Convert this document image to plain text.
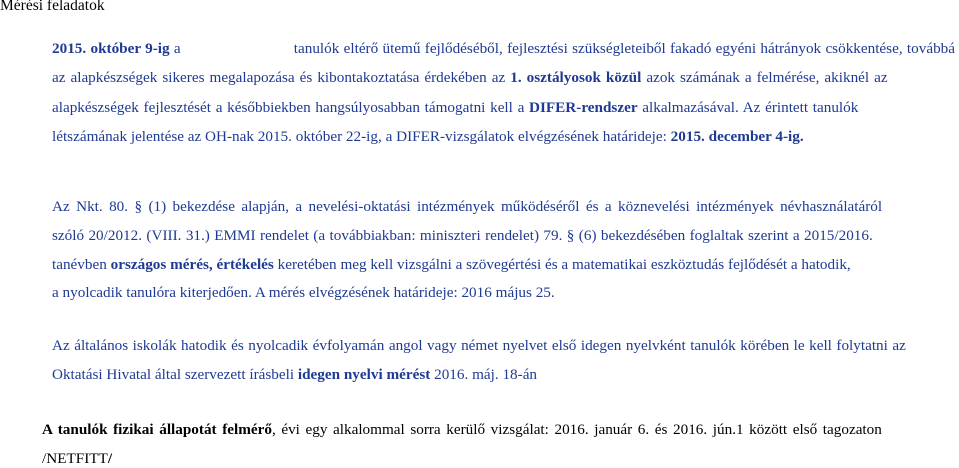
Mérési feladatok
2015. október 9-ig a	tanulók eltérő ütemű fejlődéséből, fejlesztési szükségleteiből fakadó egyéni hátrányok csökkentése, továbbá
az alapkészségek sikeres megalapozása és kibontakoztatása érdekében az 1. osztályosok közül azok számának a felmérése, akiknél az
alapkészségek fejlesztését a későbbiekben hangsúlyosabban támogatni kell a DIFER-rendszer alkalmazásával. Az érintett tanulók
létszámának jelentése az OH-nak 2015. október 22-ig, a DIFER-vizsgálatok elvégzésének határideje: 2015. december 4-ig.
Az Nkt. 80. § (1) bekezdése alapján, a nevelési-oktatási intézmények működéséről és a köznevelési intézmények névhasználatáról
szóló 20/2012. (VIII. 31.) EMMI rendelet (a továbbiakban: miniszteri rendelet) 79. § (6) bekezdésében foglaltak szerint a 2015/2016.
tanévben országos mérés, értékelés keretében meg kell vizsgálni a szövegértési és a matematikai eszköztudás fejlődését a hatodik,
a nyolcadik tanulóra kiterjedően. A mérés elvégzésének határideje: 2016 május 25.
Az általános iskolák hatodik és nyolcadik évfolyamán angol vagy német nyelvet első idegen nyelvként tanulók körében le kell folytatni az
Oktatási Hivatal által szervezett írásbeli idegen nyelvi mérést 2016. máj. 18-án
A tanulók fizikai állapotát felmérő, évi egy alkalommal sorra kerülő vizsgálat: 2016. január 6. és 2016. jún.1 között első tagozaton
/NETFITT/
